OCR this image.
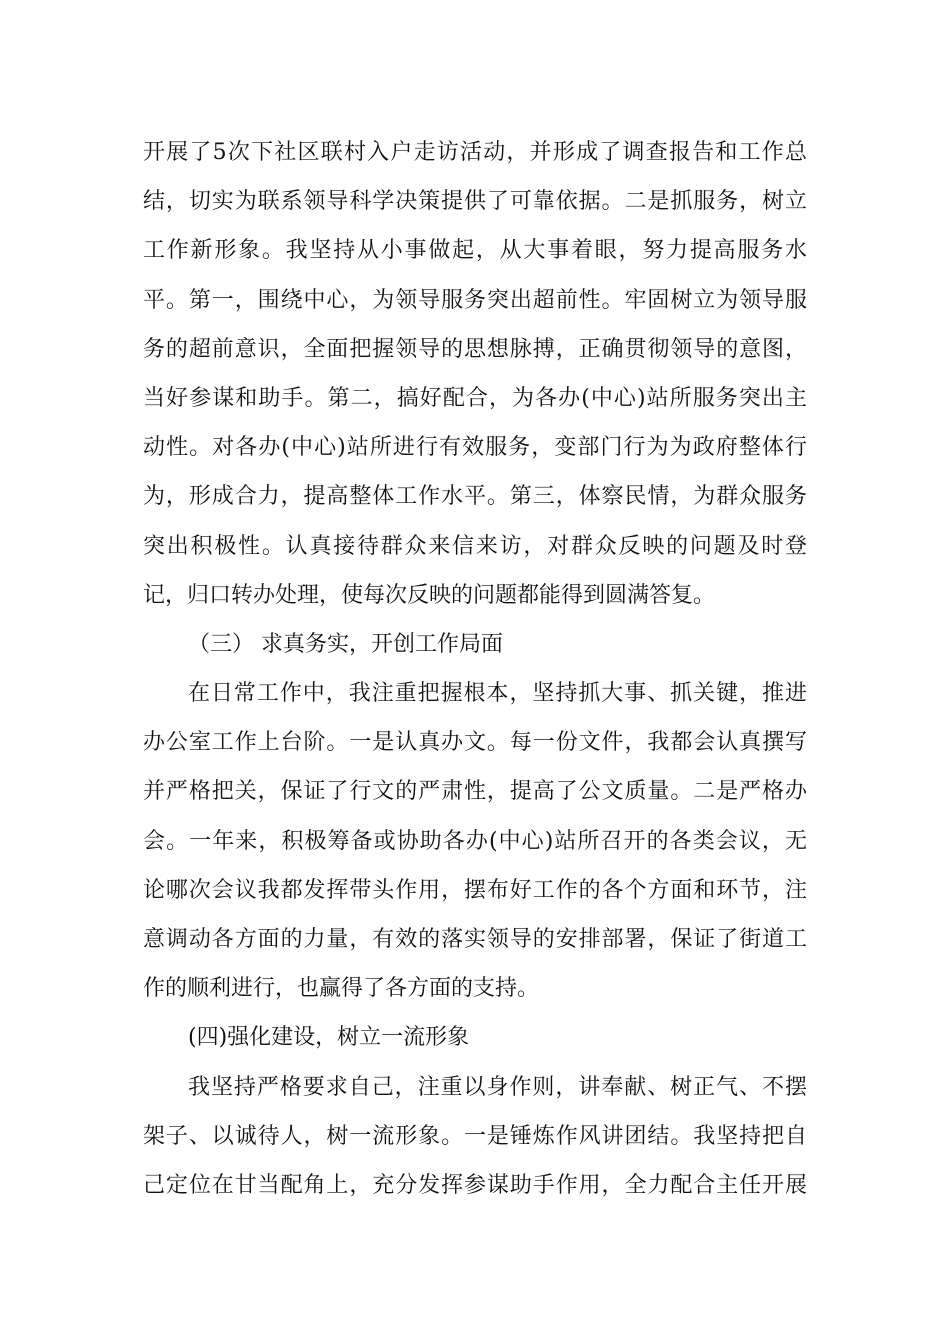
开展了5次下社区联村入户走访活动，并形成了调查报告和工作总
结，切实为联系领导科学决策提供了可靠依据。二是抓服务，树立
工作新形象。我坚持从小事做起，从大事着眼，努力提高服务水
平。第一，围绕中心，为领导服务突出超前性。牢固树立为领导服
务的超前意识，全面把握领导的思想脉搏，正确贯彻领导的意图，
当好参谋和助手。第二，搞好配合，为各办(中心)站所服务突出主
动性。对各办(中心)站所进行有效服务，变部门行为为政府整体行
为，形成合力，提高整体工作水平。第三，体察民情，为群众服务
突出积极性。认真接待群众来信来访，对群众反映的问题及时登
记，归口转办处理，使每次反映的问题都能得到圆满答复。
（三） 求真务实，开创工作局面
在日常工作中，我注重把握根本，坚持抓大事、抓关键，推进
办公室工作上台阶。一是认真办文。每一份文件，我都会认真撰写
并严格把关，保证了行文的严肃性，提高了公文质量。二是严格办
会。一年来，积极筹备或协助各办(中心)站所召开的各类会议，无
论哪次会议我都发挥带头作用，摆布好工作的各个方面和环节，注
意调动各方面的力量，有效的落实领导的安排部署，保证了街道工
作的顺利进行，也赢得了各方面的支持。
(四)强化建设，树立一流形象
我坚持严格要求自己，注重以身作则，讲奉献、树正气、不摆
架子、以诚待人，树一流形象。一是锤炼作风讲团结。我坚持把自
己定位在甘当配角上，充分发挥参谋助手作用，全力配合主任开展
